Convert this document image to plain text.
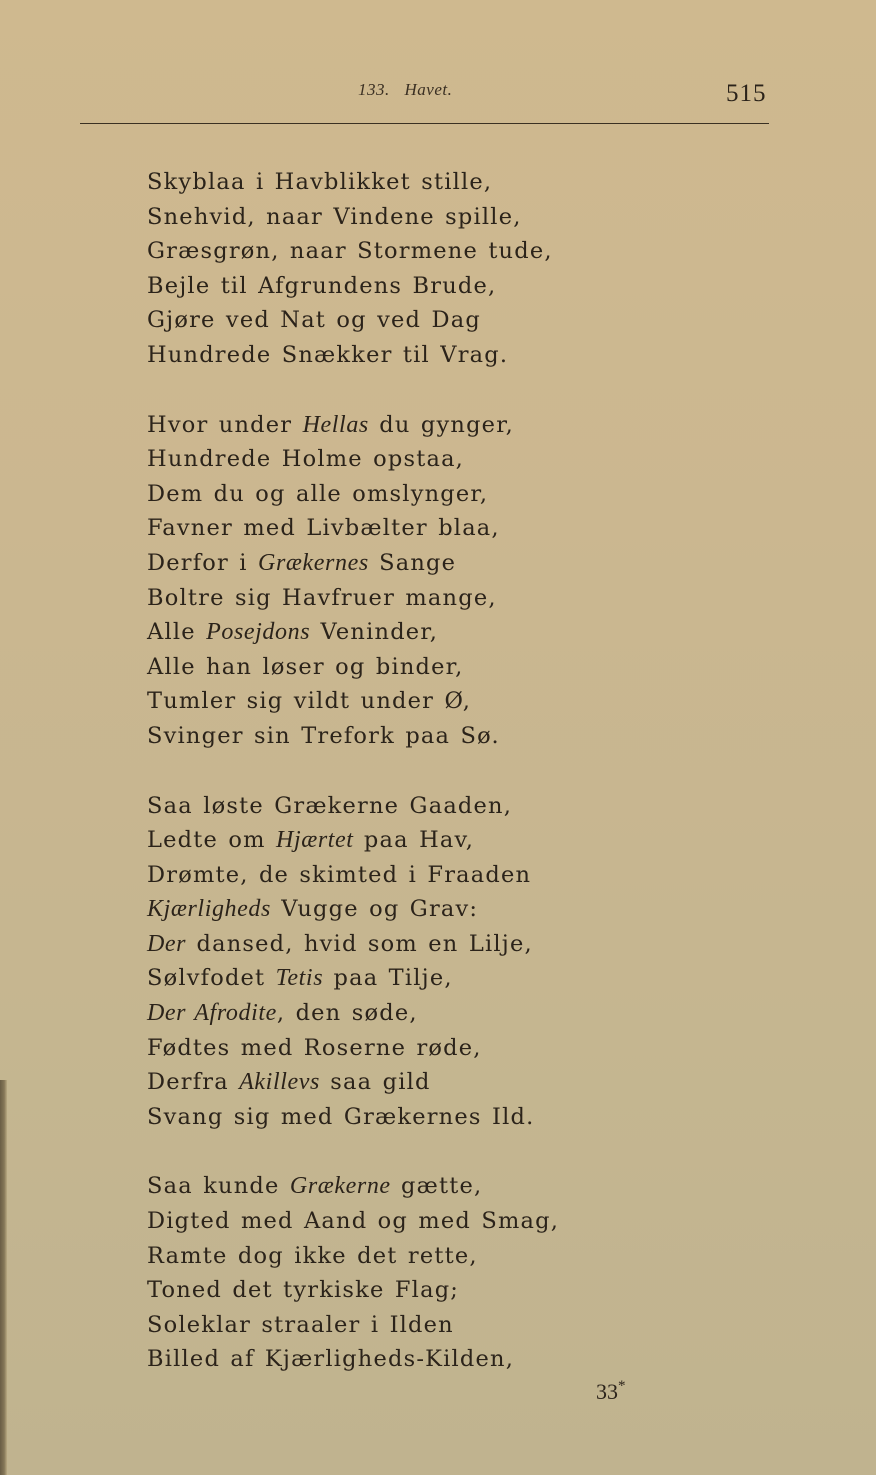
133. Havet.	515
Skyblaa i Havblikket stille,
Snehvid, naar Vindene spille,
Græsgrøn, naar Stormene tude,
Bejle til Afgrundens Brude,
Gjøre ved Nat og ved Dag
Hundrede Snækker til Vrag.
Hvor under Hellas du gynger,
Hundrede Holme opstaa,
Dem du og alle omslynger,
Favner med Livbælter blaa,
Derfor i Grækernes Sange
Boltre sig Havfruer mange,
Alle Posejdons Veninder,
Alle han løser og binder,
Tumler sig vildt under Ø,
Svinger sin Trefork paa Sø.
Saa løste Grækerne Gaaden,
Ledte om Hjærtet paa Hav,
Drømte, de skimted i Fraaden
Kjærligheds Vugge og Grav:
Der dansed, hvid som en Lilje,
Sølvfodet Tetis paa Tilje,
Der Afrodite, den søde,
Fødtes med Roserne røde,
Derfra Akillevs saa gild
Svang sig med Grækernes Ild.
Saa kunde Grækerne gætte,
Digted med Aand og med Smag,
Ramte dog ikke det rette,
Toned det tyrkiske Flag;
Soleklar straaler i Ilden
Billed af Kjærligheds-Kilden,
33*
